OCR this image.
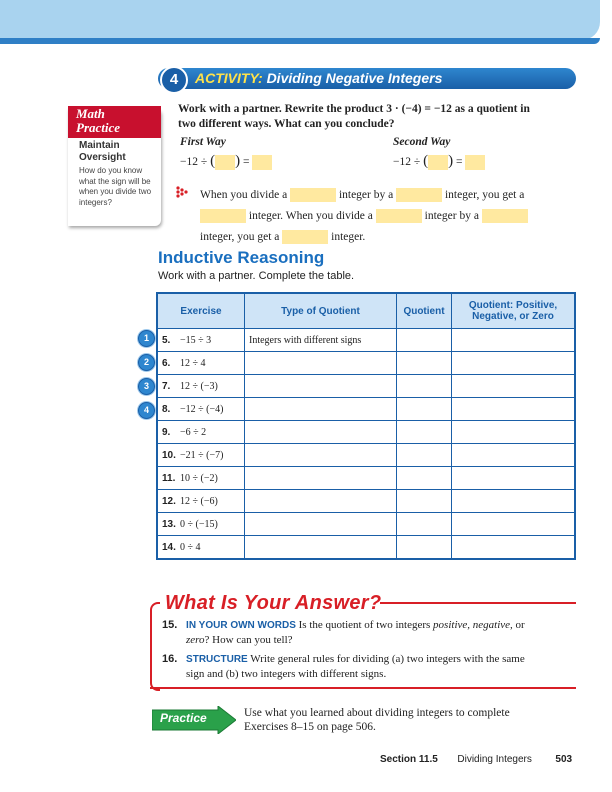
4	ACTIVITY: Dividing Negative Integers
Math
Practice
Maintain
Oversight
How do you know what the sign will be when you divide two integers?
Work with a partner. Rewrite the product 3 · (−4) = −12 as a quotient in
two different ways. What can you conclude?
First Way
−12 ÷ ( ) =
Second Way
−12 ÷ ( ) =
When you divide a	integer by a	integer, you get a
integer. When you divide a	integer by a
integer, you get a	integer.
Inductive Reasoning
Work with a partner. Complete the table.
Exercise	Type of Quotient	Quotient	Quotient: Positive, Negative, or Zero
5. −15 ÷ 3	Integers with different signs		
6. 12 ÷ 4			
7. 12 ÷ (−3)			
8. −12 ÷ (−4)			
9. −6 ÷ 2			
10. −21 ÷ (−7)			
11. 10 ÷ (−2)			
12. 12 ÷ (−6)			
13. 0 ÷ (−15)			
14. 0 ÷ 4			
1
2
3
4
What Is Your Answer?
15. IN YOUR OWN WORDS Is the quotient of two integers positive, negative, or
zero? How can you tell?
16. STRUCTURE Write general rules for dividing (a) two integers with the same
sign and (b) two integers with different signs.
Practice	Use what you learned about dividing integers to complete
Exercises 8–15 on page 506.
Section 11.5 Dividing Integers 503
